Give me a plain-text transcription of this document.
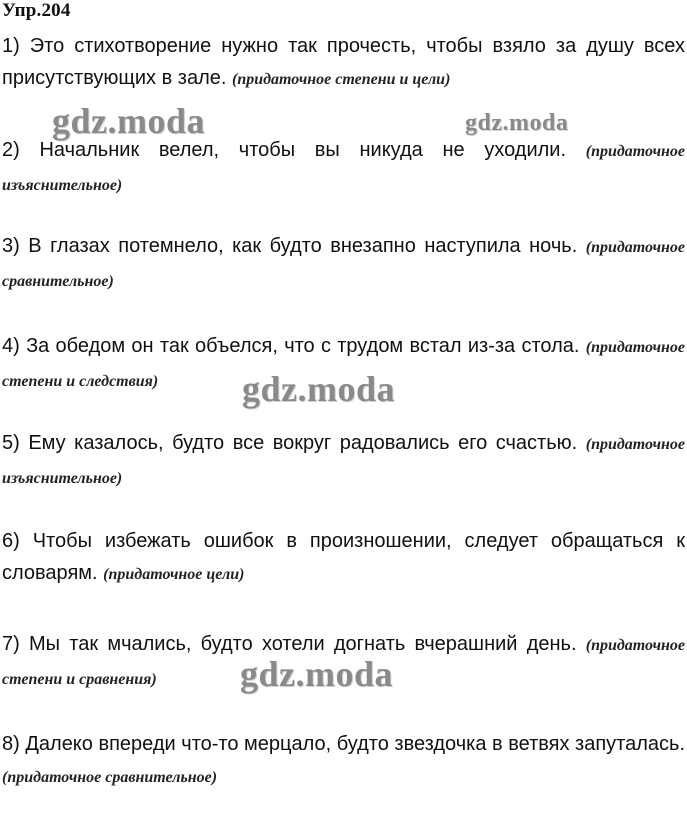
Упр.204
1) Это стихотворение нужно так прочесть, чтобы взяло за душу всех присутствующих в зале. (придаточное степени и цели)
2) Начальник велел, чтобы вы никуда не уходили. (придаточное изъяснительное)
3) В глазах потемнело, как будто внезапно наступила ночь. (придаточное сравнительное)
4) За обедом он так объелся, что с трудом встал из-за стола. (придаточное степени и следствия)
5) Ему казалось, будто все вокруг радовались его счастью. (придаточное изъяснительное)
6) Чтобы избежать ошибок в произношении, следует обращаться к словарям. (придаточное цели)
7) Мы так мчались, будто хотели догнать вчерашний день. (придаточное степени и сравнения)
8) Далеко впереди что-то мерцало, будто звездочка в ветвях запуталась. (придаточное сравнительное)
gdz.moda	gdz.moda
gdz.moda
gdz.moda
